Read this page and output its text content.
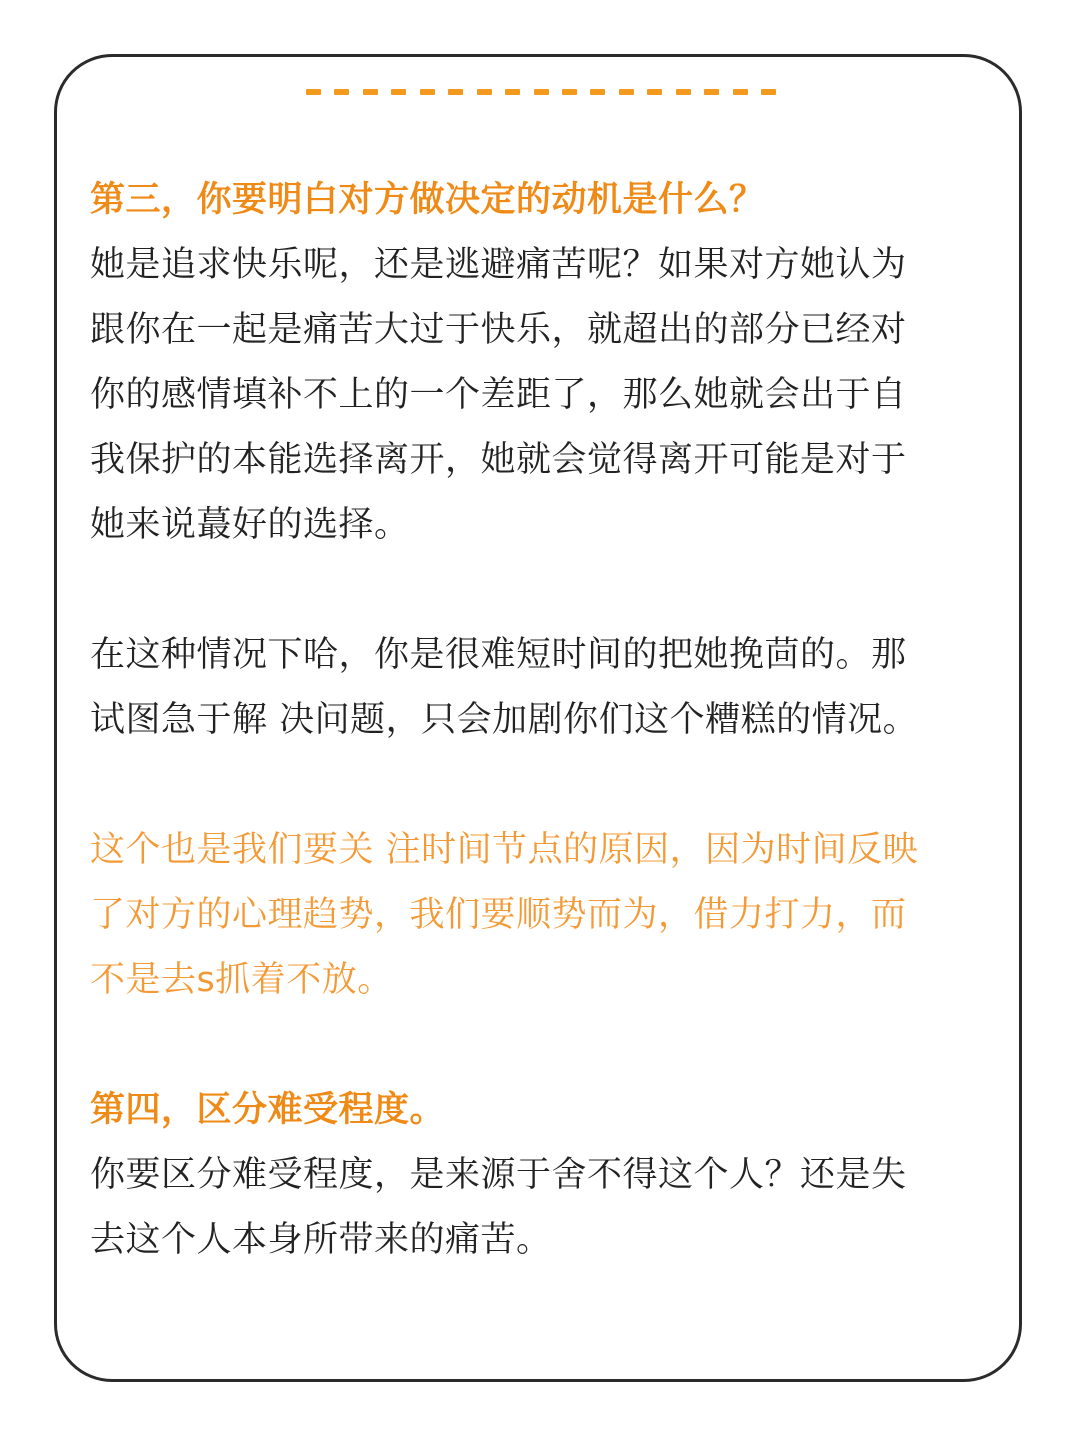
第三，你要明白对方做决定的动机是什么？
她是追求快乐呢，还是逃避痛苦呢？如果对方她认为
跟你在一起是痛苦大过于快乐，就超出的部分已经对
你的感情填补不上的一个差距了，那么她就会出于自
我保护的本能选择离开，她就会觉得离开可能是对于
她来说蕞好的选择。
在这种情况下哈，你是很难短时间的把她挽茴的。那
试图急于解 决问题，只会加剧你们这个糟糕的情况。
这个也是我们要关 注时间节点的原因，因为时间反映
了对方的心理趋势，我们要顺势而为，借力打力，而
不是去s抓着不放。
第四，区分难受程度。
你要区分难受程度，是来源于舍不得这个人？还是失
去这个人本身所带来的痛苦。
